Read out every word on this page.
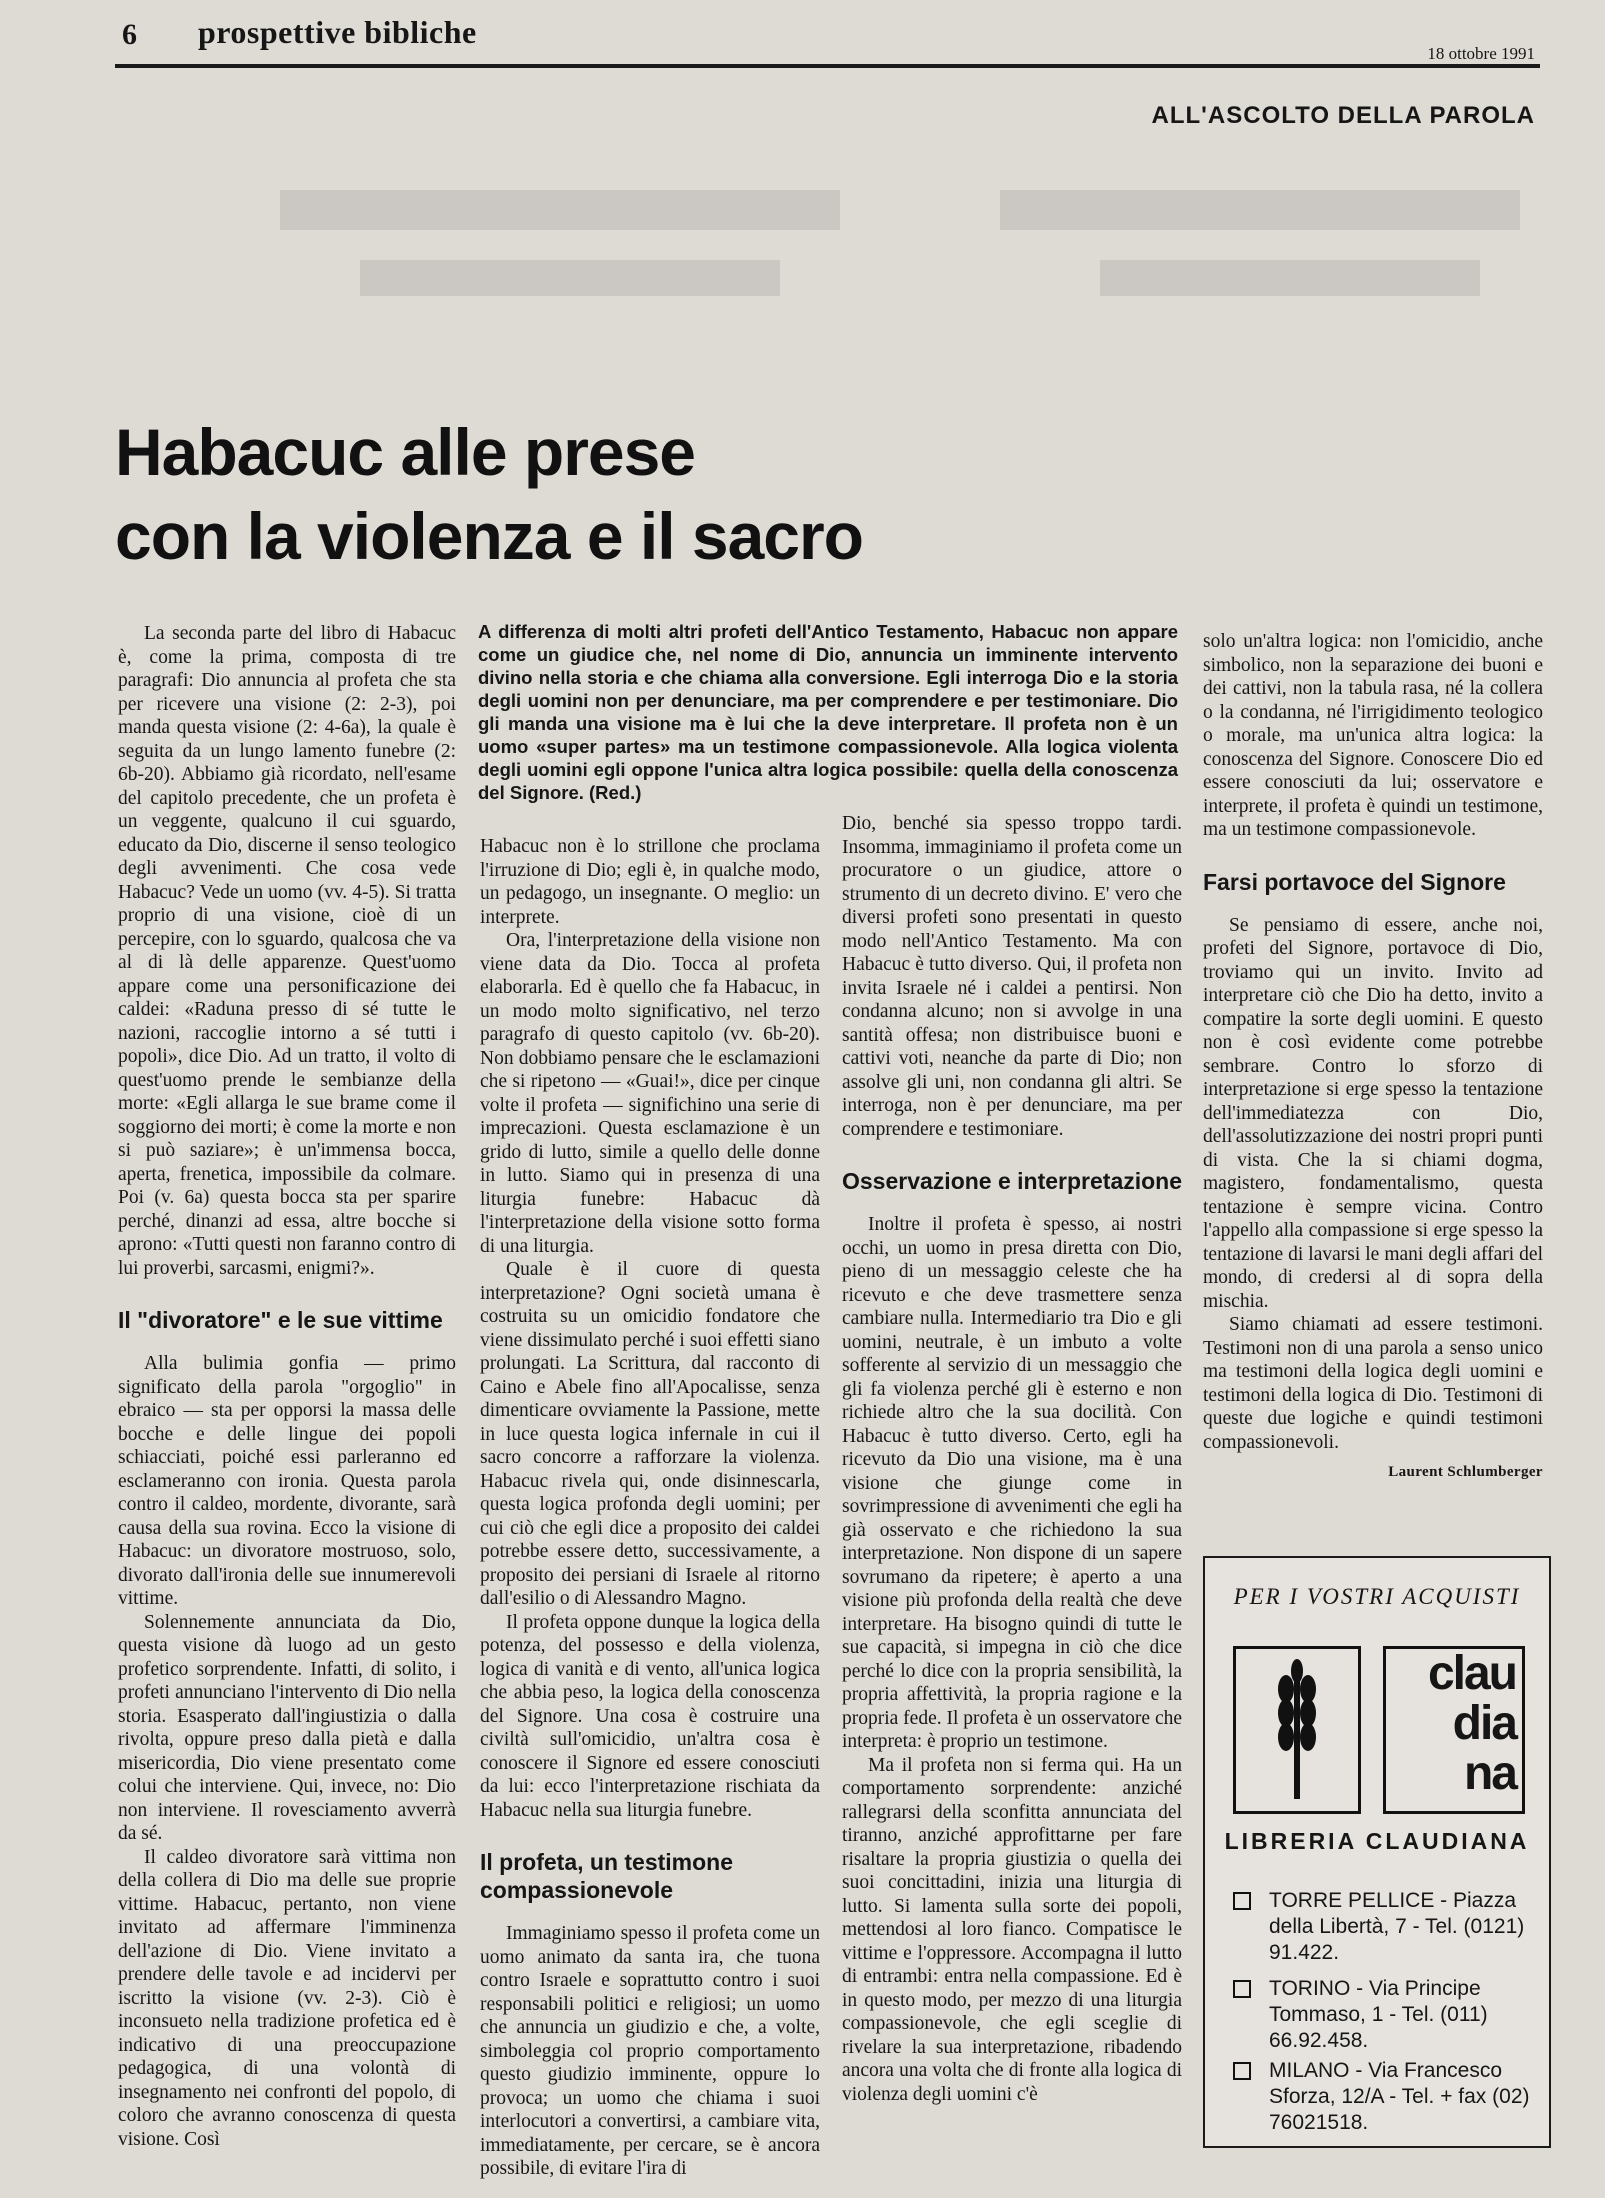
6 prospettive bibliche
18 ottobre 1991
ALL'ASCOLTO DELLA PAROLA
Habacuc alle prese
con la violenza e il sacro

La seconda parte del libro di Habacuc è, come la prima, composta di tre paragrafi: Dio annuncia al profeta che sta per ricevere una visione (2: 2-3), poi manda questa visione (2: 4-6a), la quale è seguita da un lungo lamento funebre (2: 6b-20). Abbiamo già ricordato, nell'esame del capitolo precedente, che un profeta è un veggente, qualcuno il cui sguardo, educato da Dio, discerne il senso teologico degli avvenimenti. Che cosa vede Habacuc? Vede un uomo (vv. 4-5). Si tratta proprio di una visione, cioè di un percepire, con lo sguardo, qualcosa che va al di là delle apparenze. Quest'uomo appare come una personificazione dei caldei: «Raduna presso di sé tutte le nazioni, raccoglie intorno a sé tutti i popoli», dice Dio. Ad un tratto, il volto di quest'uomo prende le sembianze della morte: «Egli allarga le sue brame come il soggiorno dei morti; è come la morte e non si può saziare»; è un'immensa bocca, aperta, frenetica, impossibile da colmare. Poi (v. 6a) questa bocca sta per sparire perché, dinanzi ad essa, altre bocche si aprono: «Tutti questi non faranno contro di lui proverbi, sarcasmi, enigmi?».

Il "divoratore" e le sue vittime

Alla bulimia gonfia — primo significato della parola "orgoglio" in ebraico — sta per opporsi la massa delle bocche e delle lingue dei popoli schiacciati, poiché essi parleranno ed esclameranno con ironia. Questa parola contro il caldeo, mordente, divorante, sarà causa della sua rovina. Ecco la visione di Habacuc: un divoratore mostruoso, solo, divorato dall'ironia delle sue innumerevoli vittime.

Solennemente annunciata da Dio, questa visione dà luogo ad un gesto profetico sorprendente. Infatti, di solito, i profeti annunciano l'intervento di Dio nella storia. Esasperato dall'ingiustizia o dalla rivolta, oppure preso dalla pietà e dalla misericordia, Dio viene presentato come colui che interviene. Qui, invece, no: Dio non interviene. Il rovesciamento avverrà da sé.

Il caldeo divoratore sarà vittima non della collera di Dio ma delle sue proprie vittime. Habacuc, pertanto, non viene invitato ad affermare l'imminenza dell'azione di Dio. Viene invitato a prendere delle tavole e ad incidervi per iscritto la visione (vv. 2-3). Ciò è inconsueto nella tradizione profetica ed è indicativo di una preoccupazione pedagogica, di una volontà di insegnamento nei confronti del popolo, di coloro che avranno conoscenza di questa visione. Così

A differenza di molti altri profeti dell'Antico Testamento, Habacuc non appare come un giudice che, nel nome di Dio, annuncia un imminente intervento divino nella storia e che chiama alla conversione. Egli interroga Dio e la storia degli uomini non per denunciare, ma per comprendere e per testimoniare. Dio gli manda una visione ma è lui che la deve interpretare. Il profeta non è un uomo «super partes» ma un testimone compassionevole. Alla logica violenta degli uomini egli oppone l'unica altra logica possibile: quella della conoscenza del Signore. (Red.)

Habacuc non è lo strillone che proclama l'irruzione di Dio; egli è, in qualche modo, un pedagogo, un insegnante. O meglio: un interprete.

Ora, l'interpretazione della visione non viene data da Dio. Tocca al profeta elaborarla. Ed è quello che fa Habacuc, in un modo molto significativo, nel terzo paragrafo di questo capitolo (vv. 6b-20). Non dobbiamo pensare che le esclamazioni che si ripetono — «Guai!», dice per cinque volte il profeta — significhino una serie di imprecazioni. Questa esclamazione è un grido di lutto, simile a quello delle donne in lutto. Siamo qui in presenza di una liturgia funebre: Habacuc dà l'interpretazione della visione sotto forma di una liturgia.

Quale è il cuore di questa interpretazione? Ogni società umana è costruita su un omicidio fondatore che viene dissimulato perché i suoi effetti siano prolungati. La Scrittura, dal racconto di Caino e Abele fino all'Apocalisse, senza dimenticare ovviamente la Passione, mette in luce questa logica infernale in cui il sacro concorre a rafforzare la violenza. Habacuc rivela qui, onde disinnescarla, questa logica profonda degli uomini; per cui ciò che egli dice a proposito dei caldei potrebbe essere detto, successivamente, a proposito dei persiani di Israele al ritorno dall'esilio o di Alessandro Magno.

Il profeta oppone dunque la logica della potenza, del possesso e della violenza, logica di vanità e di vento, all'unica logica che abbia peso, la logica della conoscenza del Signore. Una cosa è costruire una civiltà sull'omicidio, un'altra cosa è conoscere il Signore ed essere conosciuti da lui: ecco l'interpretazione rischiata da Habacuc nella sua liturgia funebre.

Il profeta, un testimone compassionevole

Immaginiamo spesso il profeta come un uomo animato da santa ira, che tuona contro Israele e soprattutto contro i suoi responsabili politici e religiosi; un uomo che annuncia un giudizio e che, a volte, simboleggia col proprio comportamento questo giudizio imminente, oppure lo provoca; un uomo che chiama i suoi interlocutori a convertirsi, a cambiare vita, immediatamente, per cercare, se è ancora possibile, di evitare l'ira di

Dio, benché sia spesso troppo tardi. Insomma, immaginiamo il profeta come un procuratore o un giudice, attore o strumento di un decreto divino. E' vero che diversi profeti sono presentati in questo modo nell'Antico Testamento. Ma con Habacuc è tutto diverso. Qui, il profeta non invita Israele né i caldei a pentirsi. Non condanna alcuno; non si avvolge in una santità offesa; non distribuisce buoni e cattivi voti, neanche da parte di Dio; non assolve gli uni, non condanna gli altri. Se interroga, non è per denunciare, ma per comprendere e testimoniare.

Osservazione e interpretazione

Inoltre il profeta è spesso, ai nostri occhi, un uomo in presa diretta con Dio, pieno di un messaggio celeste che ha ricevuto e che deve trasmettere senza cambiare nulla. Intermediario tra Dio e gli uomini, neutrale, è un imbuto a volte sofferente al servizio di un messaggio che gli fa violenza perché gli è esterno e non richiede altro che la sua docilità. Con Habacuc è tutto diverso. Certo, egli ha ricevuto da Dio una visione, ma è una visione che giunge come in sovrimpressione di avvenimenti che egli ha già osservato e che richiedono la sua interpretazione. Non dispone di un sapere sovrumano da ripetere; è aperto a una visione più profonda della realtà che deve interpretare. Ha bisogno quindi di tutte le sue capacità, si impegna in ciò che dice perché lo dice con la propria sensibilità, la propria affettività, la propria ragione e la propria fede. Il profeta è un osservatore che interpreta: è proprio un testimone.

Ma il profeta non si ferma qui. Ha un comportamento sorprendente: anziché rallegrarsi della sconfitta annunciata del tiranno, anziché approfittarne per fare risaltare la propria giustizia o quella dei suoi concittadini, inizia una liturgia di lutto. Si lamenta sulla sorte dei popoli, mettendosi al loro fianco. Compatisce le vittime e l'oppressore. Accompagna il lutto di entrambi: entra nella compassione. Ed è in questo modo, per mezzo di una liturgia compassionevole, che egli sceglie di rivelare la sua interpretazione, ribadendo ancora una volta che di fronte alla logica di violenza degli uomini c'è

solo un'altra logica: non l'omicidio, anche simbolico, non la separazione dei buoni e dei cattivi, non la tabula rasa, né la collera o la condanna, né l'irrigidimento teologico o morale, ma un'unica altra logica: la conoscenza del Signore. Conoscere Dio ed essere conosciuti da lui; osservatore e interprete, il profeta è quindi un testimone, ma un testimone compassionevole.

Farsi portavoce del Signore

Se pensiamo di essere, anche noi, profeti del Signore, portavoce di Dio, troviamo qui un invito. Invito ad interpretare ciò che Dio ha detto, invito a compatire la sorte degli uomini. E questo non è così evidente come potrebbe sembrare. Contro lo sforzo di interpretazione si erge spesso la tentazione dell'immediatezza con Dio, dell'assolutizzazione dei nostri propri punti di vista. Che la si chiami dogma, magistero, fondamentalismo, questa tentazione è sempre vicina. Contro l'appello alla compassione si erge spesso la tentazione di lavarsi le mani degli affari del mondo, di credersi al di sopra della mischia.

Siamo chiamati ad essere testimoni. Testimoni non di una parola a senso unico ma testimoni della logica degli uomini e testimoni della logica di Dio. Testimoni di queste due logiche e quindi testimoni compassionevoli.

Laurent Schlumberger
PER I VOSTRI ACQUISTI
clau
dia
na
LIBRERIA CLAUDIANA
TORRE PELLICE - Piazza della Libertà, 7 - Tel. (0121) 91.422.
TORINO - Via Principe Tommaso, 1 - Tel. (011) 66.92.458.
MILANO - Via Francesco Sforza, 12/A - Tel. + fax (02) 76021518.
